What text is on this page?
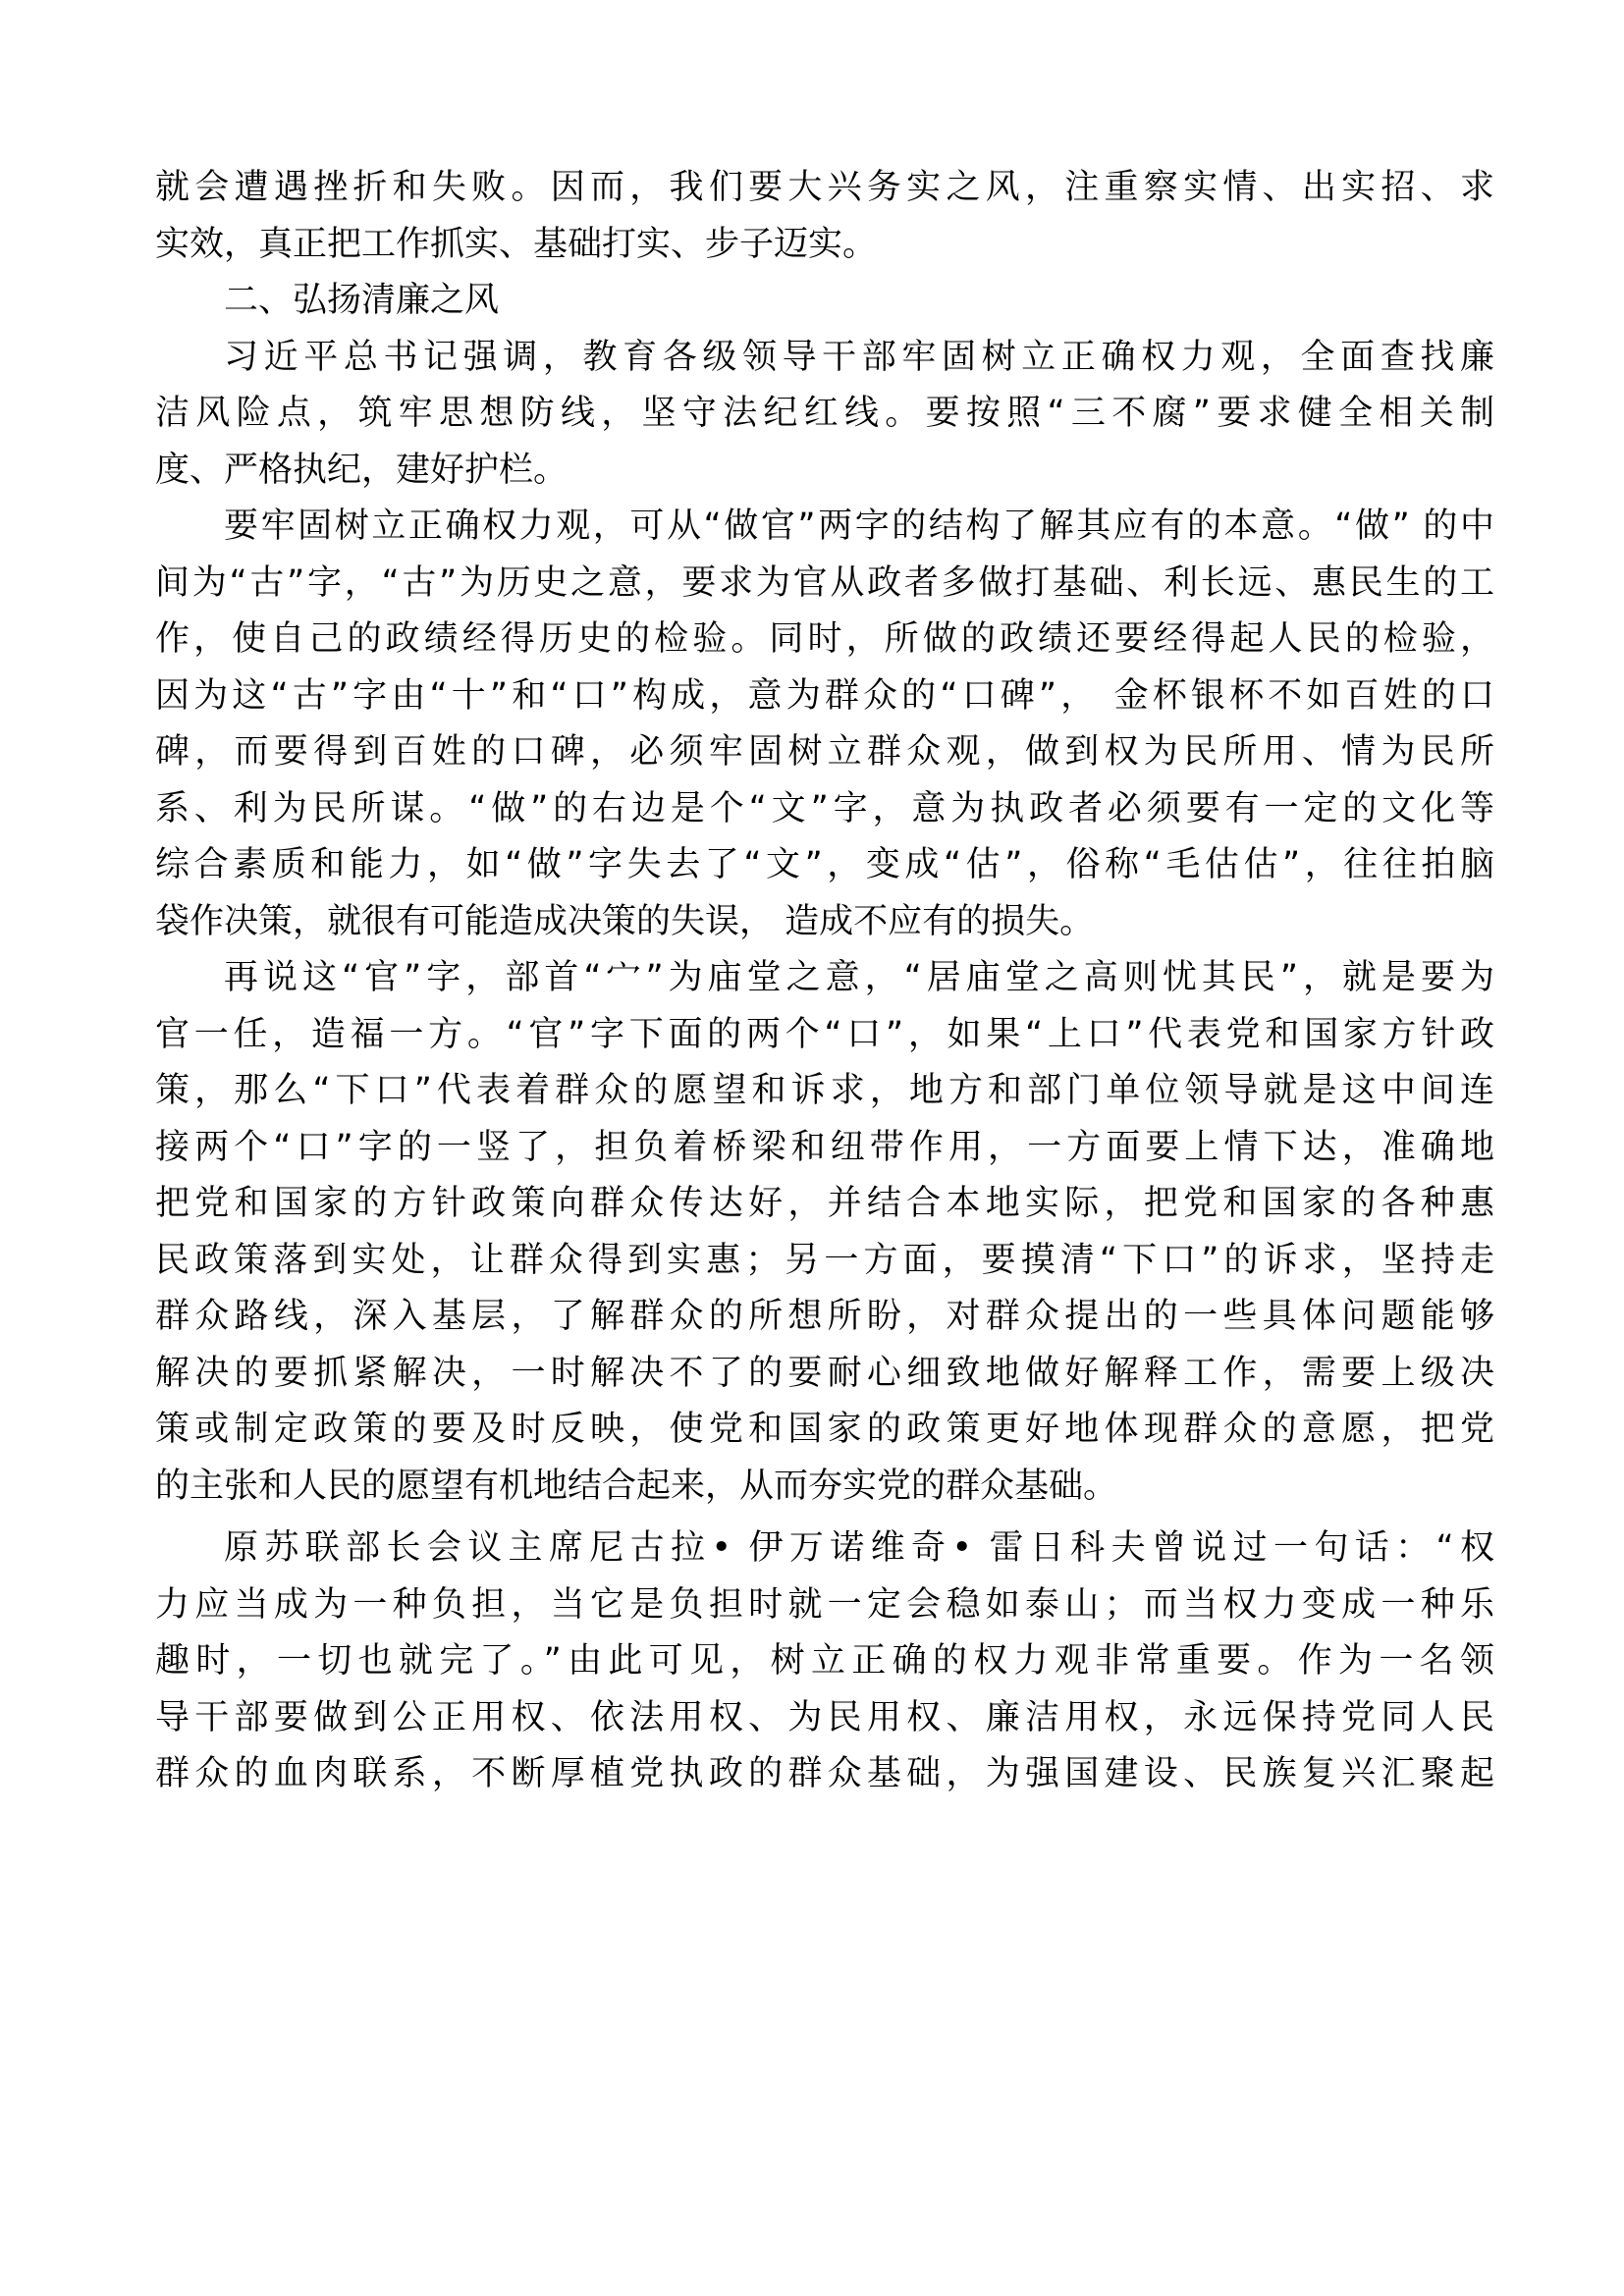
就会遭遇挫折和失败。因而，我们要大兴务实之风，注重察实情、出实招、求
实效，真正把工作抓实、基础打实、步子迈实。
二、弘扬清廉之风
习近平总书记强调，教育各级领导干部牢固树立正确权力观，全面查找廉
洁风险点，筑牢思想防线，坚守法纪红线。要按照“三不腐”要求健全相关制
度、严格执纪，建好护栏。
要牢固树立正确权力观，可从“做官”两字的结构了解其应有的本意。“做” 的中
间为“古”字，“古”为历史之意，要求为官从政者多做打基础、利长远、惠民生的工
作，使自己的政绩经得历史的检验。同时，所做的政绩还要经得起人民的检验，
因为这“古”字由“十”和“口”构成，意为群众的“口碑”， 金杯银杯不如百姓的口
碑，而要得到百姓的口碑，必须牢固树立群众观，做到权为民所用、情为民所
系、利为民所谋。“做”的右边是个“文”字，意为执政者必须要有一定的文化等
综合素质和能力，如“做”字失去了“文”，变成“估”，俗称“毛估估”，往往拍脑
袋作决策，就很有可能造成决策的失误， 造成不应有的损失。
再说这“官”字，部首“宀”为庙堂之意，“居庙堂之高则忧其民”，就是要为
官一任，造福一方。“官”字下面的两个“口”，如果“上口”代表党和国家方针政
策，那么“下口”代表着群众的愿望和诉求，地方和部门单位领导就是这中间连
接两个“口”字的一竖了，担负着桥梁和纽带作用，一方面要上情下达，准确地
把党和国家的方针政策向群众传达好，并结合本地实际，把党和国家的各种惠
民政策落到实处，让群众得到实惠；另一方面，要摸清“下口”的诉求，坚持走
群众路线，深入基层，了解群众的所想所盼，对群众提出的一些具体问题能够
解决的要抓紧解决，一时解决不了的要耐心细致地做好解释工作，需要上级决
策或制定政策的要及时反映，使党和国家的政策更好地体现群众的意愿，把党
的主张和人民的愿望有机地结合起来，从而夯实党的群众基础。
原苏联部长会议主席尼古拉• 伊万诺维奇• 雷日科夫曾说过一句话：“权
力应当成为一种负担，当它是负担时就一定会稳如泰山；而当权力变成一种乐
趣时，一切也就完了。”由此可见，树立正确的权力观非常重要。作为一名领
导干部要做到公正用权、依法用权、为民用权、廉洁用权，永远保持党同人民
群众的血肉联系，不断厚植党执政的群众基础，为强国建设、民族复兴汇聚起
